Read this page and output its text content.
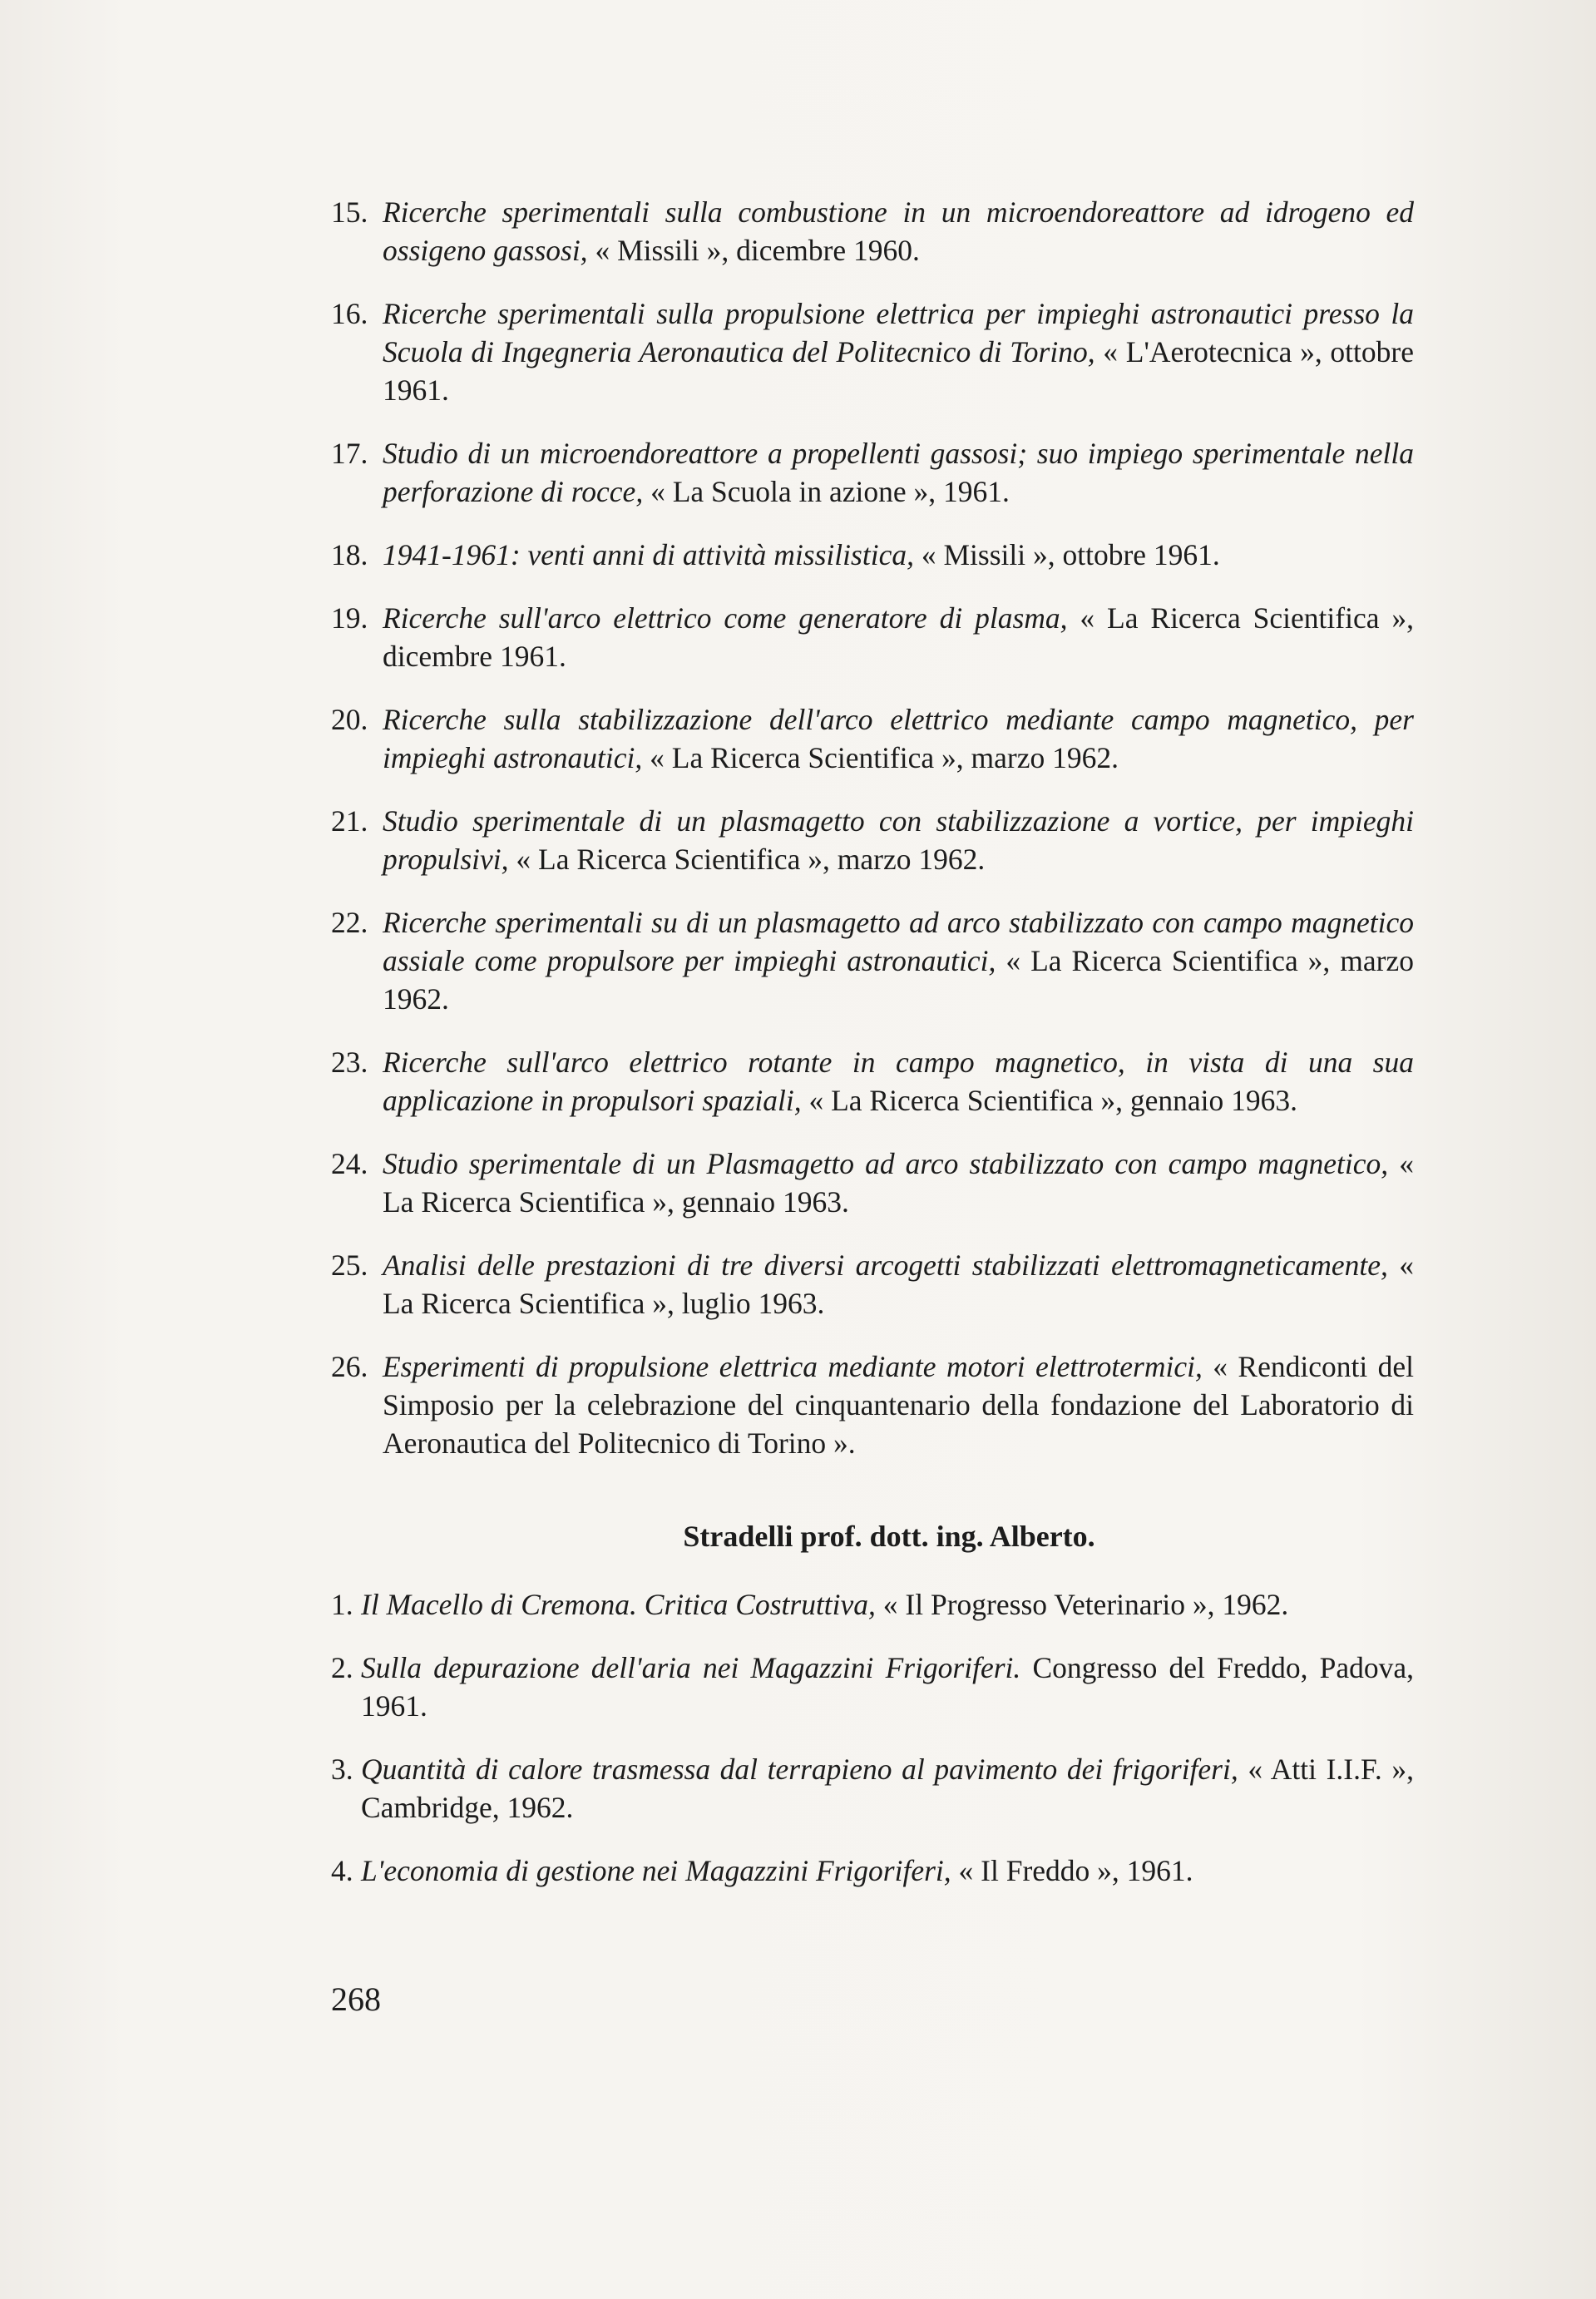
15. Ricerche sperimentali sulla combustione in un microendoreattore ad idrogeno ed ossigeno gassosi, « Missili », dicembre 1960.
16. Ricerche sperimentali sulla propulsione elettrica per impieghi astronautici presso la Scuola di Ingegneria Aeronautica del Politecnico di Torino, « L'Aerotecnica », ottobre 1961.
17. Studio di un microendoreattore a propellenti gassosi; suo impiego sperimentale nella perforazione di rocce, « La Scuola in azione », 1961.
18. 1941-1961: venti anni di attività missilistica, « Missili », ottobre 1961.
19. Ricerche sull'arco elettrico come generatore di plasma, « La Ricerca Scientifica », dicembre 1961.
20. Ricerche sulla stabilizzazione dell'arco elettrico mediante campo magnetico, per impieghi astronautici, « La Ricerca Scientifica », marzo 1962.
21. Studio sperimentale di un plasmagetto con stabilizzazione a vortice, per impieghi propulsivi, « La Ricerca Scientifica », marzo 1962.
22. Ricerche sperimentali su di un plasmagetto ad arco stabilizzato con campo magnetico assiale come propulsore per impieghi astronautici, « La Ricerca Scientifica », marzo 1962.
23. Ricerche sull'arco elettrico rotante in campo magnetico, in vista di una sua applicazione in propulsori spaziali, « La Ricerca Scientifica », gennaio 1963.
24. Studio sperimentale di un Plasmagetto ad arco stabilizzato con campo magnetico, « La Ricerca Scientifica », gennaio 1963.
25. Analisi delle prestazioni di tre diversi arcogetti stabilizzati elettromagneticamente, « La Ricerca Scientifica », luglio 1963.
26. Esperimenti di propulsione elettrica mediante motori elettrotermici, « Rendiconti del Simposio per la celebrazione del cinquantenario della fondazione del Laboratorio di Aeronautica del Politecnico di Torino ».
Stradelli prof. dott. ing. Alberto.
1. Il Macello di Cremona. Critica Costruttiva, « Il Progresso Veterinario », 1962.
2. Sulla depurazione dell'aria nei Magazzini Frigoriferi. Congresso del Freddo, Padova, 1961.
3. Quantità di calore trasmessa dal terrapieno al pavimento dei frigoriferi, « Atti I.I.F. », Cambridge, 1962.
4. L'economia di gestione nei Magazzini Frigoriferi, « Il Freddo », 1961.
268
